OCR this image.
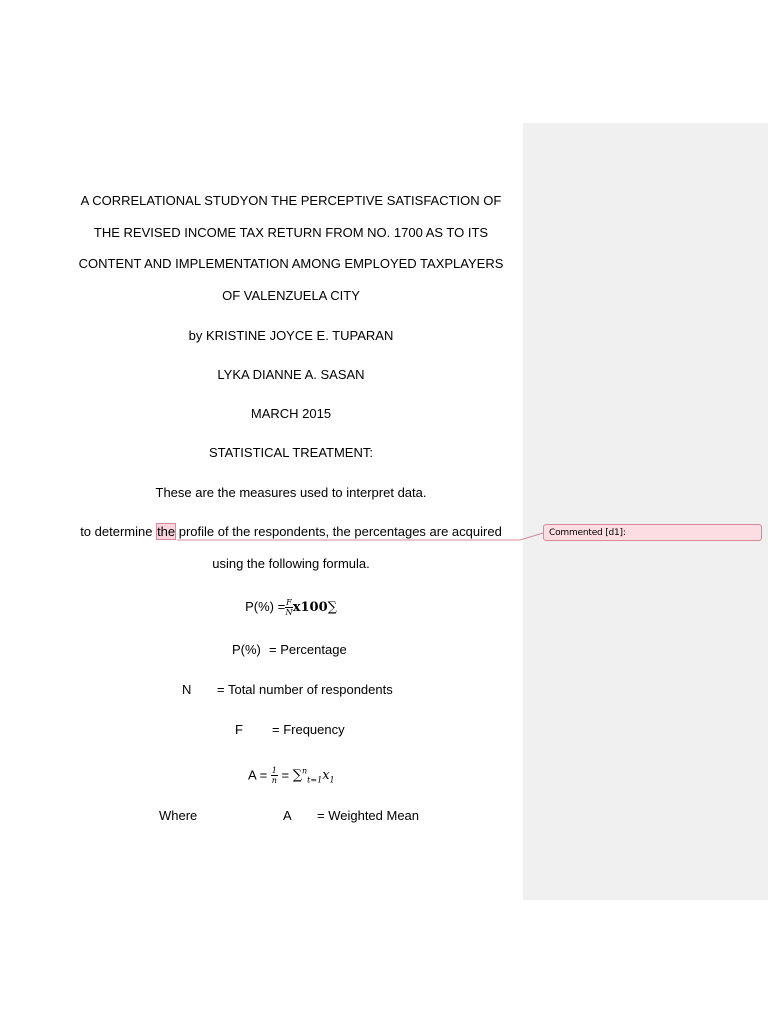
A CORRELATIONAL STUDYON THE PERCEPTIVE SATISFACTION OF
THE REVISED INCOME TAX RETURN FROM NO. 1700 AS TO ITS
CONTENT AND IMPLEMENTATION AMONG EMPLOYED TAXPLAYERS
OF VALENZUELA CITY
by KRISTINE JOYCE E. TUPARAN
LYKA DIANNE A. SASAN
MARCH 2015
STATISTICAL TREATMENT:
These are the measures used to interpret data.
to determine the profile of the respondents, the percentages are acquired
using the following formula.
$P(\%) = \frac{F}{N} x100\sum$
P(%) = Percentage
N = Total number of respondents
F = Frequency
$A = \frac{1}{n} = \sum^n_{t=1}x_1$
Where	A = Weighted Mean
Commented [d1]:
